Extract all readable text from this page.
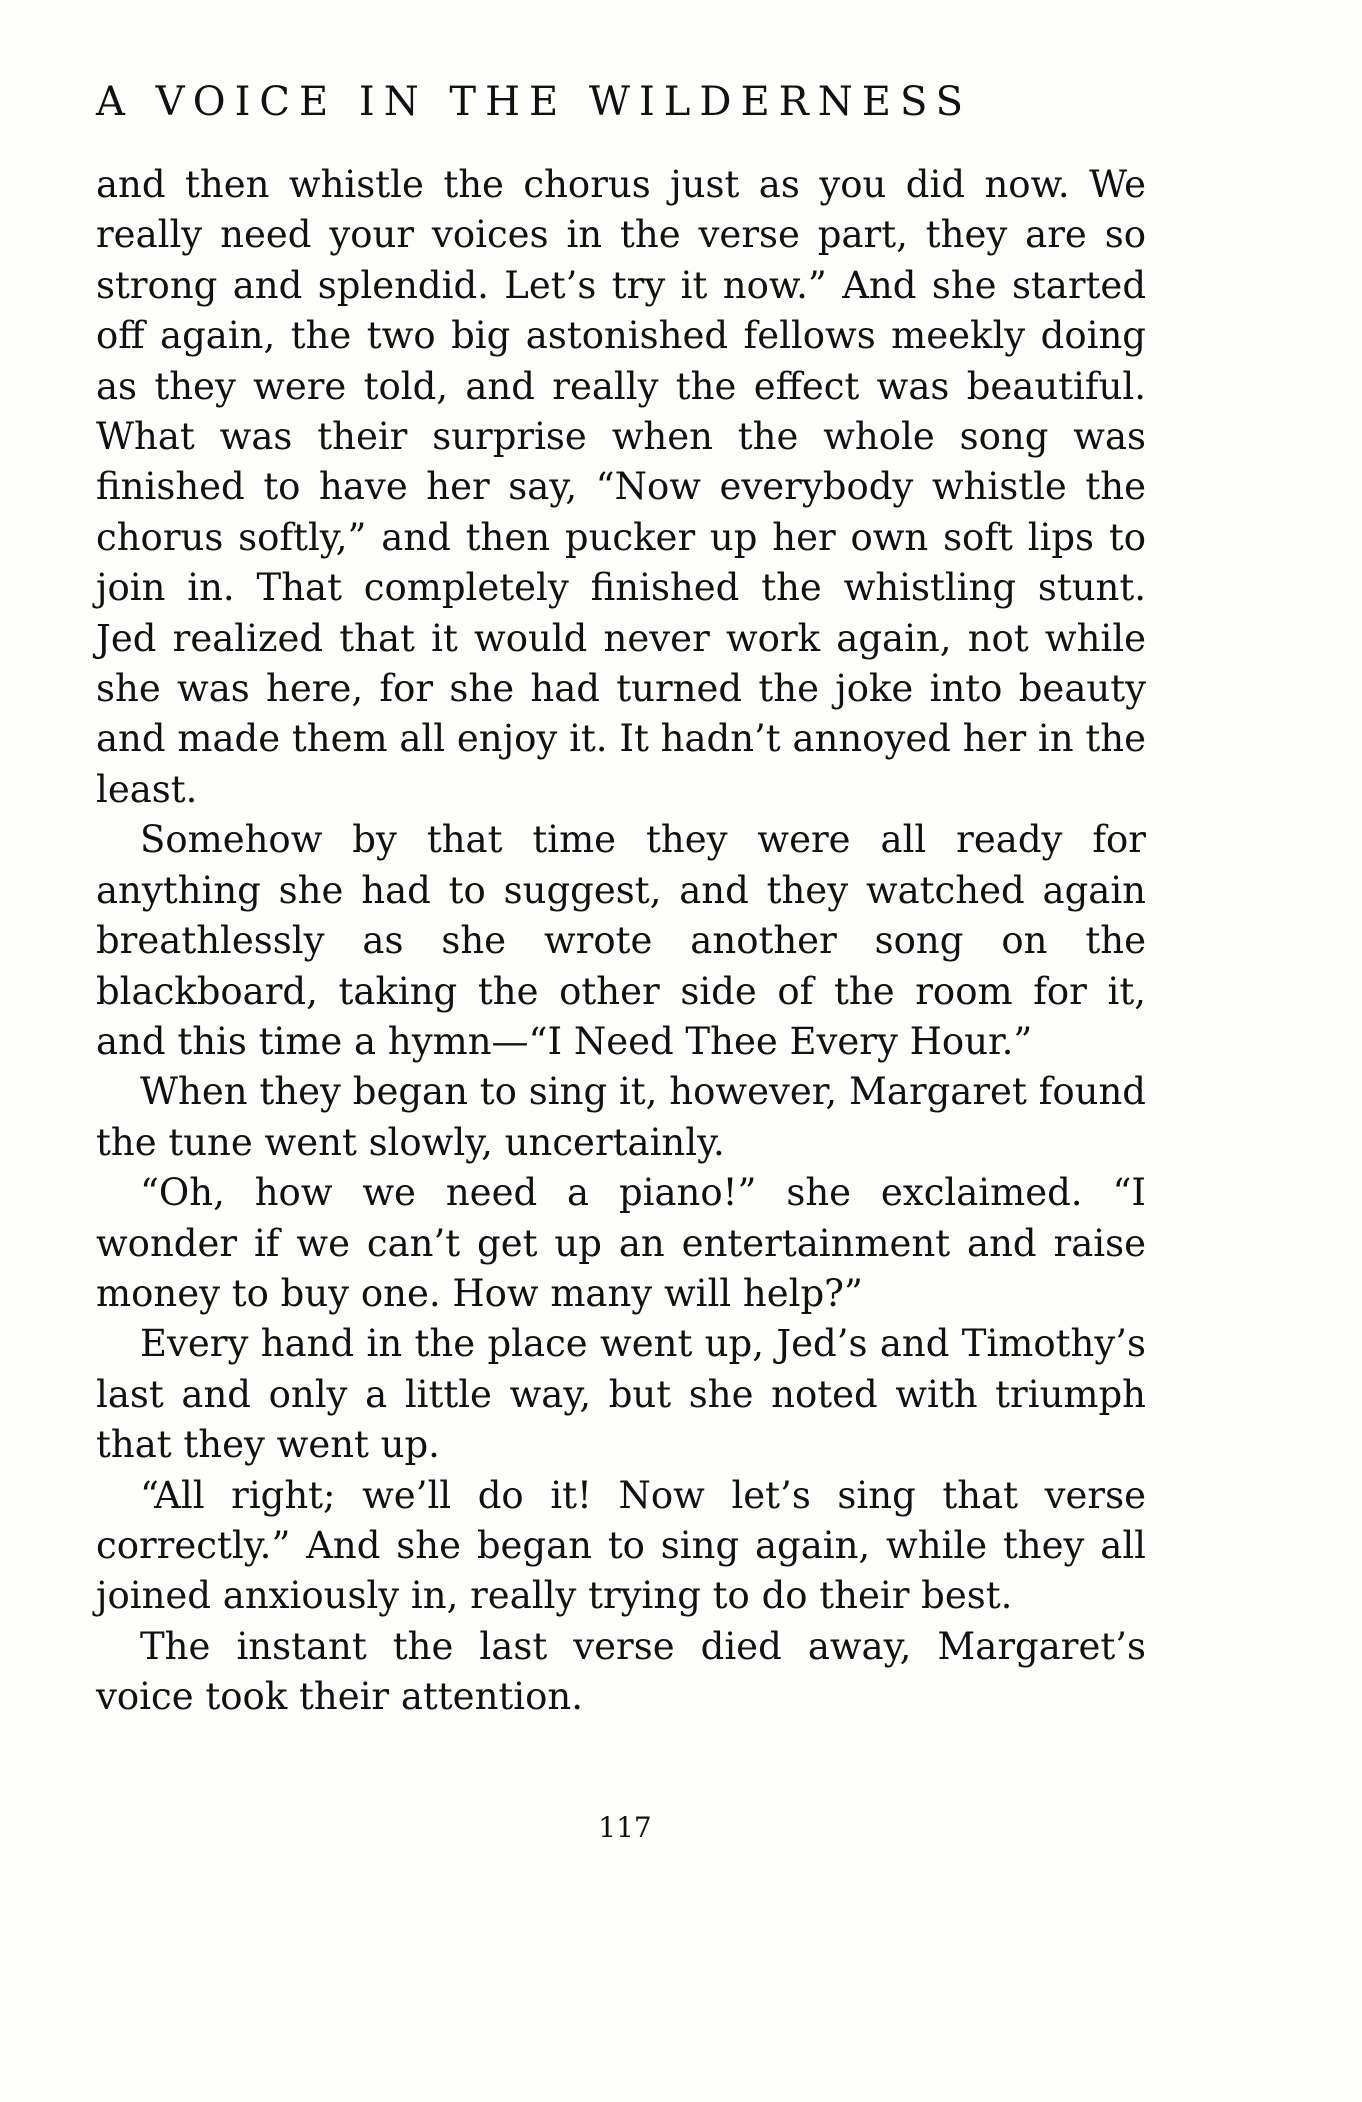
A VOICE IN THE WILDERNESS

and then whistle the chorus just as you did now. We really need your voices in the verse part, they are so strong and splendid. Let’s try it now.” And she started off again, the two big astonished fellows meekly doing as they were told, and really the effect was beautiful. What was their surprise when the whole song was finished to have her say, “Now everybody whistle the chorus softly,” and then pucker up her own soft lips to join in. That completely finished the whistling stunt. Jed realized that it would never work again, not while she was here, for she had turned the joke into beauty and made them all enjoy it. It hadn’t annoyed her in the least.

Somehow by that time they were all ready for anything she had to suggest, and they watched again breathlessly as she wrote another song on the blackboard, taking the other side of the room for it, and this time a hymn—“I Need Thee Every Hour.”

When they began to sing it, however, Margaret found the tune went slowly, uncertainly.

“Oh, how we need a piano!” she exclaimed. “I wonder if we can’t get up an entertainment and raise money to buy one. How many will help?”

Every hand in the place went up, Jed’s and Timothy’s last and only a little way, but she noted with triumph that they went up.

“All right; we’ll do it! Now let’s sing that verse correctly.” And she began to sing again, while they all joined anxiously in, really trying to do their best.

The instant the last verse died away, Margaret’s voice took their attention.

117
